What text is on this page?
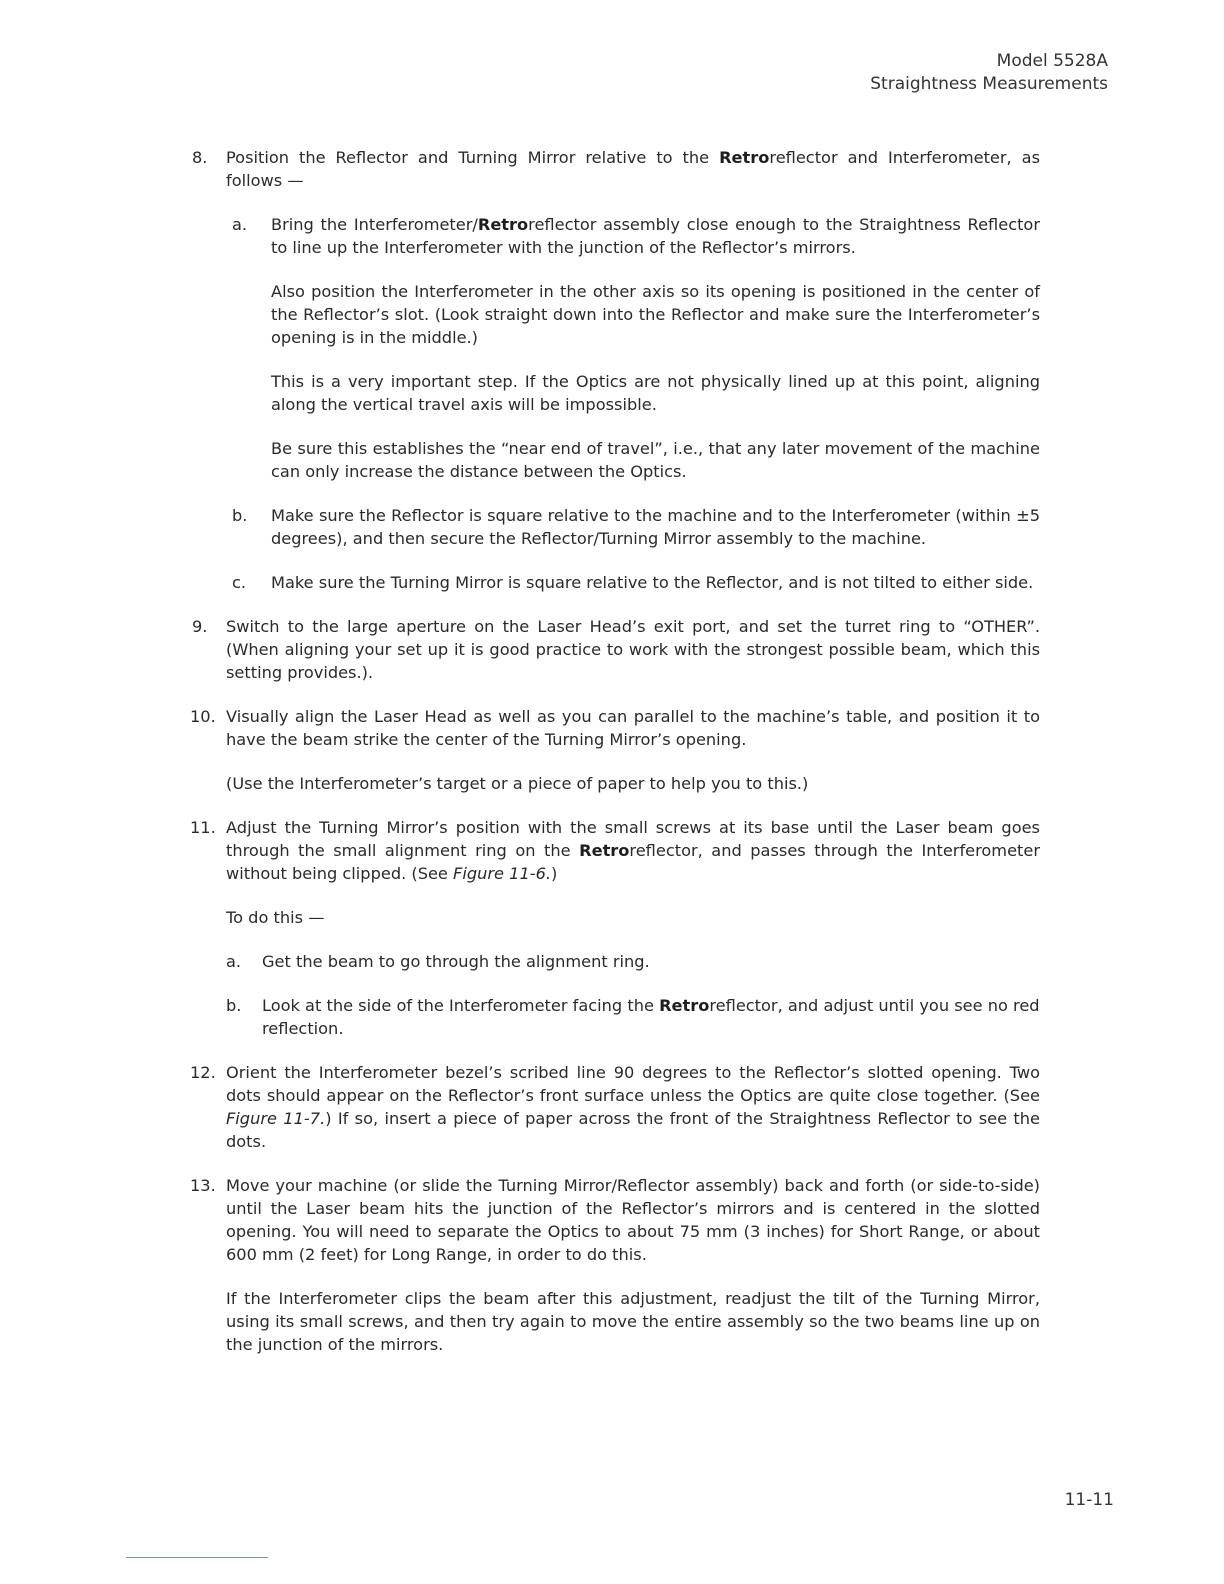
Model 5528A
Straightness Measurements
8. Position the Reflector and Turning Mirror relative to the Retroreflector and Interferometer, as follows —

a. Bring the Interferometer/Retroreflector assembly close enough to the Straightness Reflector to line up the Interferometer with the junction of the Reflector’s mirrors.

Also position the Interferometer in the other axis so its opening is positioned in the center of the Reflector’s slot. (Look straight down into the Reflector and make sure the Interferometer’s opening is in the middle.)

This is a very important step. If the Optics are not physically lined up at this point, aligning along the vertical travel axis will be impossible.

Be sure this establishes the “near end of travel”, i.e., that any later movement of the machine can only increase the distance between the Optics.

b. Make sure the Reflector is square relative to the machine and to the Interferometer (within ±5 degrees), and then secure the Reflector/Turning Mirror assembly to the machine.

c. Make sure the Turning Mirror is square relative to the Reflector, and is not tilted to either side.

9. Switch to the large aperture on the Laser Head’s exit port, and set the turret ring to “OTHER”. (When aligning your set up it is good practice to work with the strongest possible beam, which this setting provides.).

10. Visually align the Laser Head as well as you can parallel to the machine’s table, and position it to have the beam strike the center of the Turning Mirror’s opening.

(Use the Interferometer’s target or a piece of paper to help you to this.)

11. Adjust the Turning Mirror’s position with the small screws at its base until the Laser beam goes through the small alignment ring on the Retroreflector, and passes through the Interferometer without being clipped. (See Figure 11-6.)

To do this —

a. Get the beam to go through the alignment ring.

b. Look at the side of the Interferometer facing the Retroreflector, and adjust until you see no red reflection.

12. Orient the Interferometer bezel’s scribed line 90 degrees to the Reflector’s slotted opening. Two dots should appear on the Reflector’s front surface unless the Optics are quite close together. (See Figure 11-7.) If so, insert a piece of paper across the front of the Straightness Reflector to see the dots.

13. Move your machine (or slide the Turning Mirror/Reflector assembly) back and forth (or side-to-side) until the Laser beam hits the junction of the Reflector’s mirrors and is centered in the slotted opening. You will need to separate the Optics to about 75 mm (3 inches) for Short Range, or about 600 mm (2 feet) for Long Range, in order to do this.

If the Interferometer clips the beam after this adjustment, readjust the tilt of the Turning Mirror, using its small screws, and then try again to move the entire assembly so the two beams line up on the junction of the mirrors.

11-11
